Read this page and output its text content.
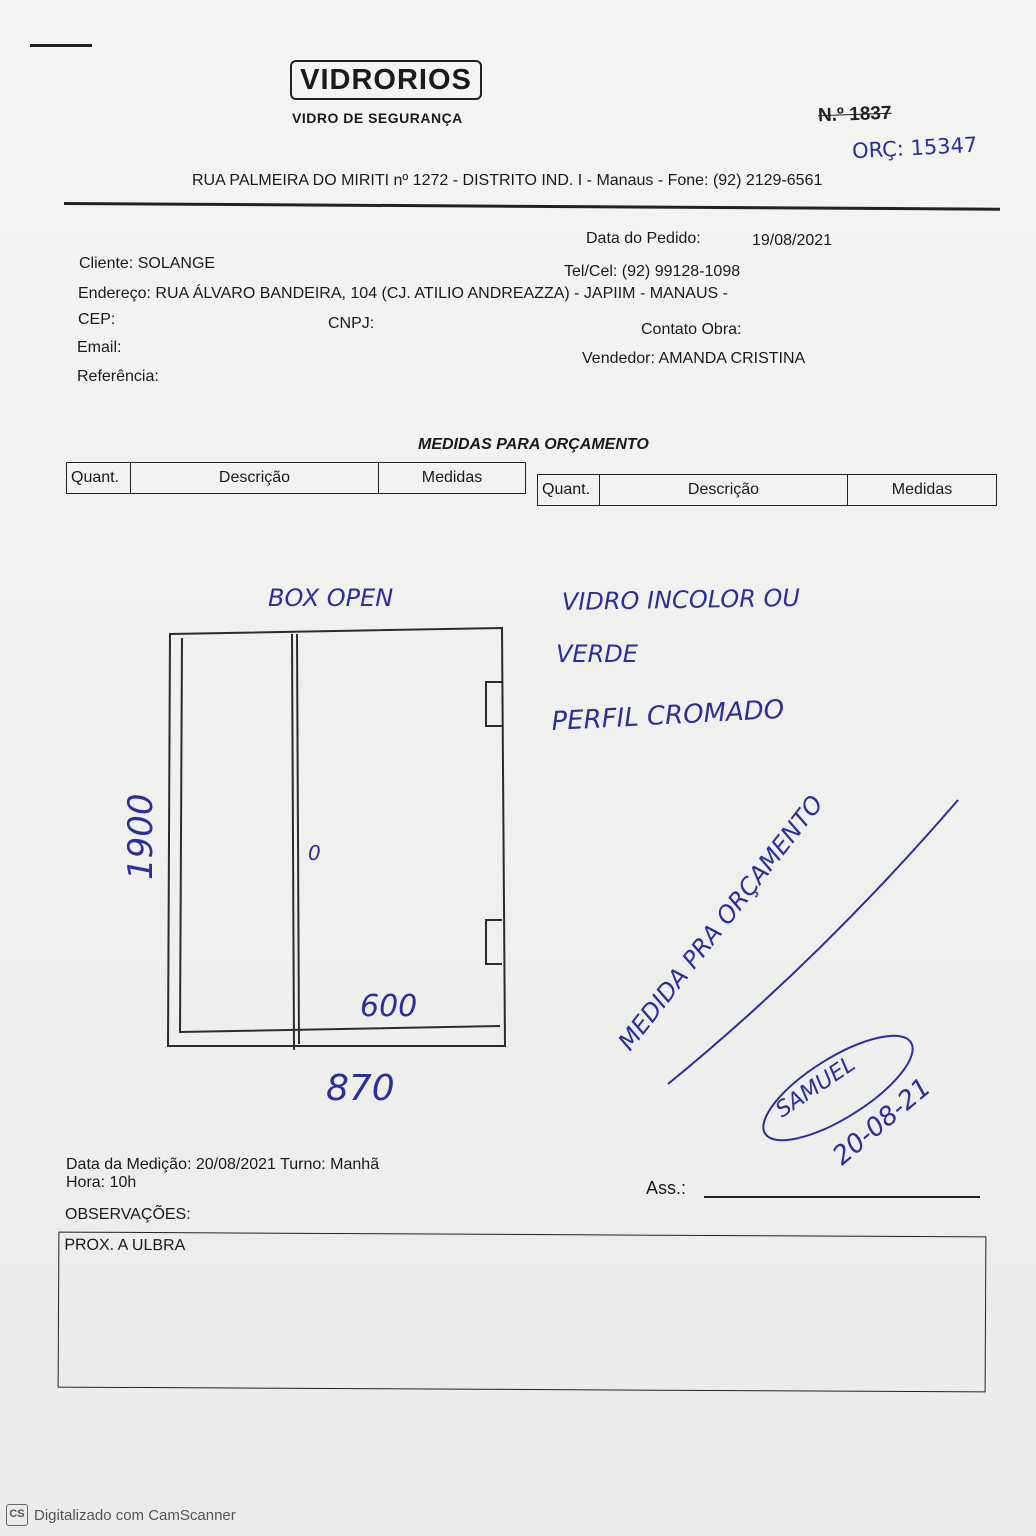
VIDRORIOS
VIDRO DE SEGURANÇA	N.º 1837
ORÇ: 15347
RUA PALMEIRA DO MIRITI nº 1272 - DISTRITO IND. I - Manaus - Fone: (92) 2129-6561
Data do Pedido:	19/08/2021
Cliente: SOLANGE	Tel/Cel: (92) 99128-1098
Endereço: RUA ÁLVARO BANDEIRA, 104 (CJ. ATILIO ANDREAZZA) - JAPIIM - MANAUS -
CEP:	CNPJ:	Contato Obra:
Email:
Vendedor: AMANDA CRISTINA
Referência:
MEDIDAS PARA ORÇAMENTO
Quant.	Descrição	Medidas
Quant.	Descrição	Medidas
BOX OPEN	VIDRO INCOLOR OU
VERDE
PERFIL CROMADO
1900
870
600
0	MEDIDA PRA ORÇAMENTO
SAMUEL
20-08-21
Data da Medição: 20/08/2021 Turno: Manhã
Hora: 10h	Ass.:
OBSERVAÇÕES:
PROX. A ULBRA
CS Digitalizado com CamScanner
